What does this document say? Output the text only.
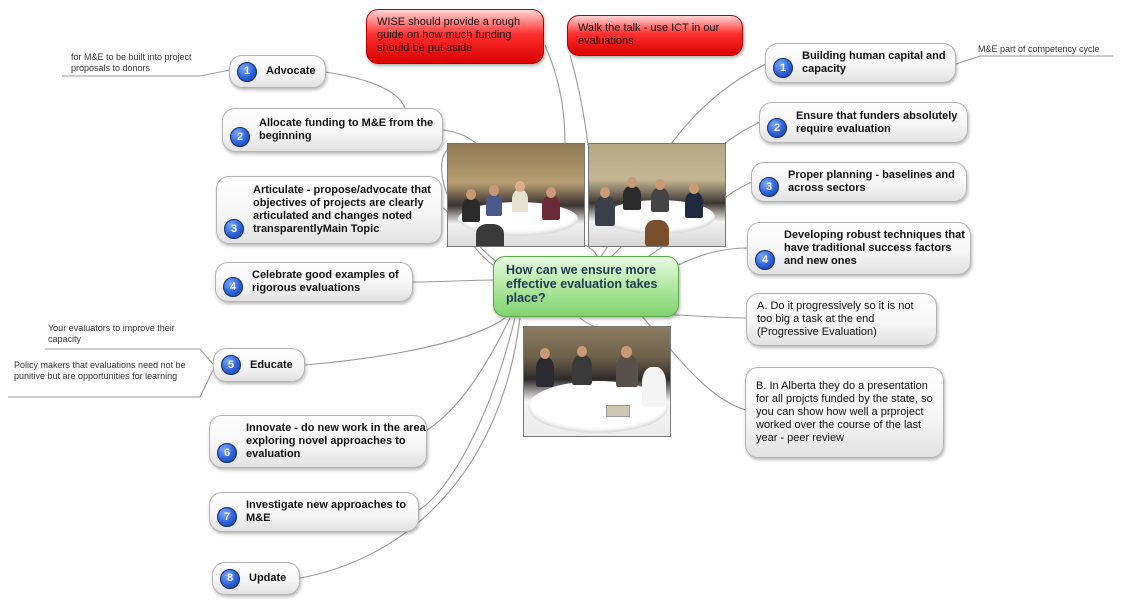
How can we ensure more effective evaluation takes place?
WISE should provide a rough guide on how much funding should be put aside
Walk the talk - use ICT in our evaluations
1	Advocate
2
Allocate funding to M&E from the beginning
3
Articulate - propose/advocate that objectives of projects are clearly articulated and changes noted transparentlyMain Topic
4
Celebrate good examples of rigorous evaluations
5	Educate
6
Innovate - do new work in the area exploring novel approaches to evaluation
7
Investigate new approaches to M&E
8	Update
1
Building human capital and capacity
2
Ensure that funders absolutely require evaluation
3
Proper planning - baselines and across sectors
4
Developing robust techniques that have traditional success factors and new ones
A. Do it progressively so it is not too big a task at the end (Progressive Evaluation)
B. In Alberta they do a presentation for all projcts funded by the state, so you can show how well a prproject worked over the course of the last year - peer review
for M&E to be built into project proposals to donors
Your evaluators to improve their capacity
Policy makers that evaluations need not be punitive but are opportunities for learning
M&E part of competency cycle
